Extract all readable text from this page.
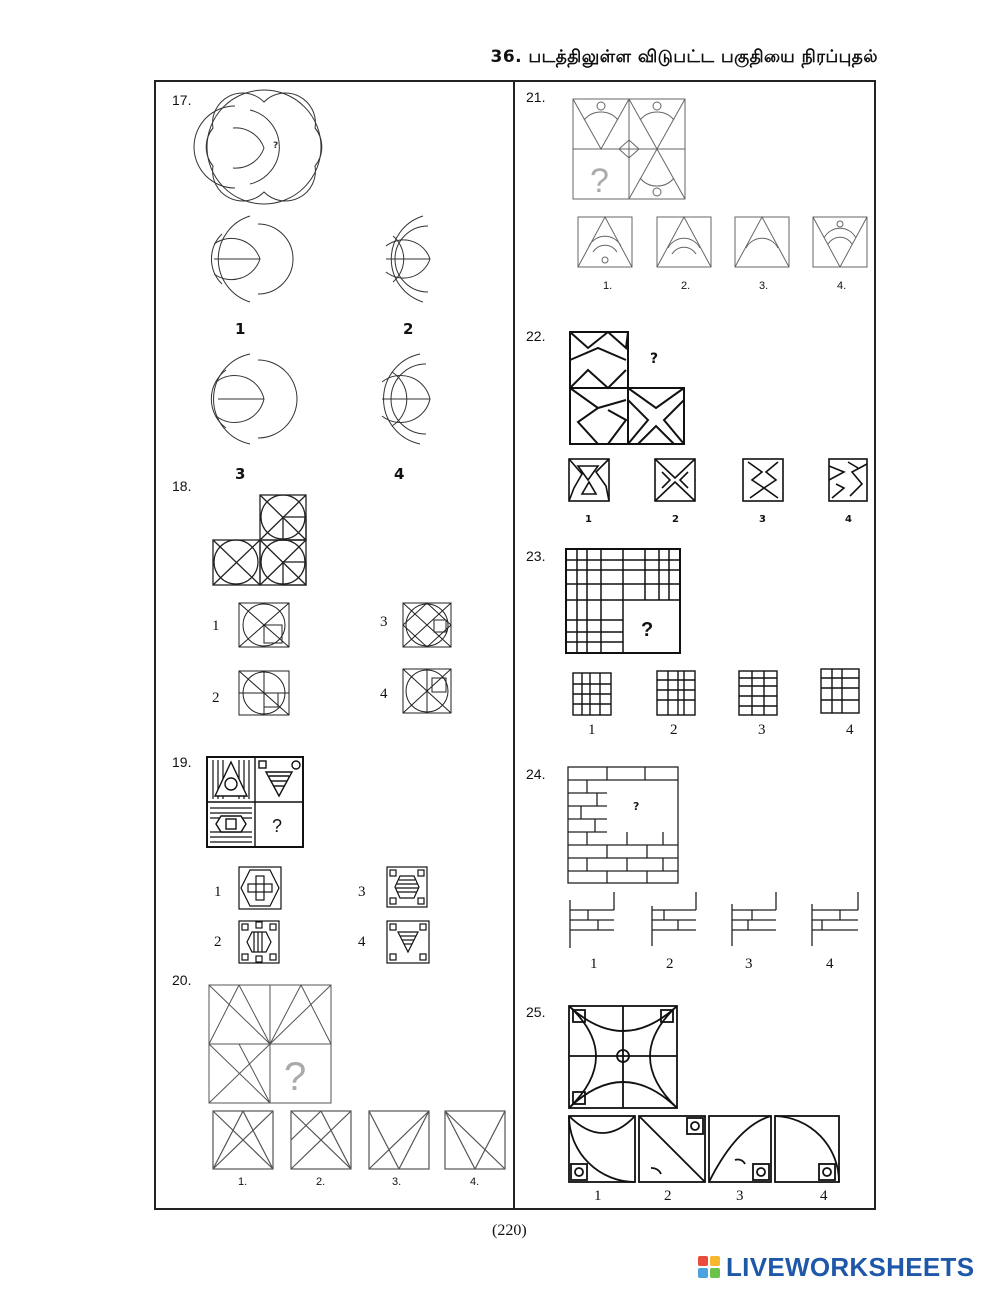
36. படத்திலுள்ள விடுபட்ட பகுதியை நிரப்புதல்
17.
?
1	2
3	4
18.
1	3
2	4
19.
?
1	3
2	4
20.
?
1.	2.	3.	4.
21.
?
1.	2.	3.	4.
22.
?
1	2	3	4
23.
?
1	2	3	4
24.
?
1	2	3	4
25.
1	2	3	4
(220)
LIVEWORKSHEETS
